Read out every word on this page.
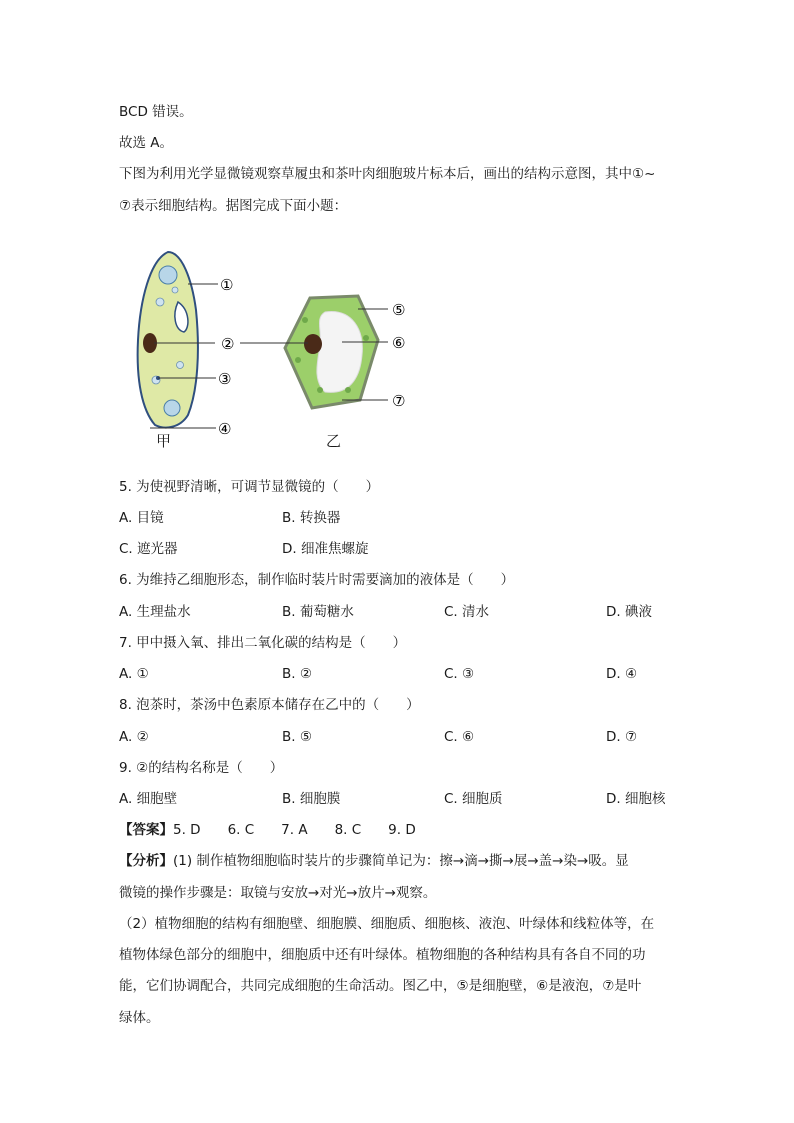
BCD 错误。
故选 A。
下图为利用光学显微镜观察草履虫和茶叶肉细胞玻片标本后，画出的结构示意图，其中①~
⑦表示细胞结构。据图完成下面小题：
①
②
③
④
⑤
⑥
⑦
甲	乙
5. 为使视野清晰，可调节显微镜的（　　）
A. 目镜	B. 转换器
C. 遮光器	D. 细准焦螺旋
6. 为维持乙细胞形态，制作临时装片时需要滴加的液体是（　　）
A. 生理盐水	B. 葡萄糖水	C. 清水	D. 碘液
7. 甲中摄入氧、排出二氧化碳的结构是（　　）
A. ①	B. ②	C. ③	D. ④
8. 泡茶时，茶汤中色素原本储存在乙中的（　　）
A. ②	B. ⑤	C. ⑥	D. ⑦
9. ②的结构名称是（　　）
A. 细胞壁	B. 细胞膜	C. 细胞质	D. 细胞核
【答案】5. D　　6. C　　7. A　　8. C　　9. D
【分析】(1) 制作植物细胞临时装片的步骤简单记为：擦→滴→撕→展→盖→染→吸。显
微镜的操作步骤是：取镜与安放→对光→放片→观察。
（2）植物细胞的结构有细胞壁、细胞膜、细胞质、细胞核、液泡、叶绿体和线粒体等，在
植物体绿色部分的细胞中，细胞质中还有叶绿体。植物细胞的各种结构具有各自不同的功
能，它们协调配合，共同完成细胞的生命活动。图乙中，⑤是细胞壁，⑥是液泡，⑦是叶
绿体。
